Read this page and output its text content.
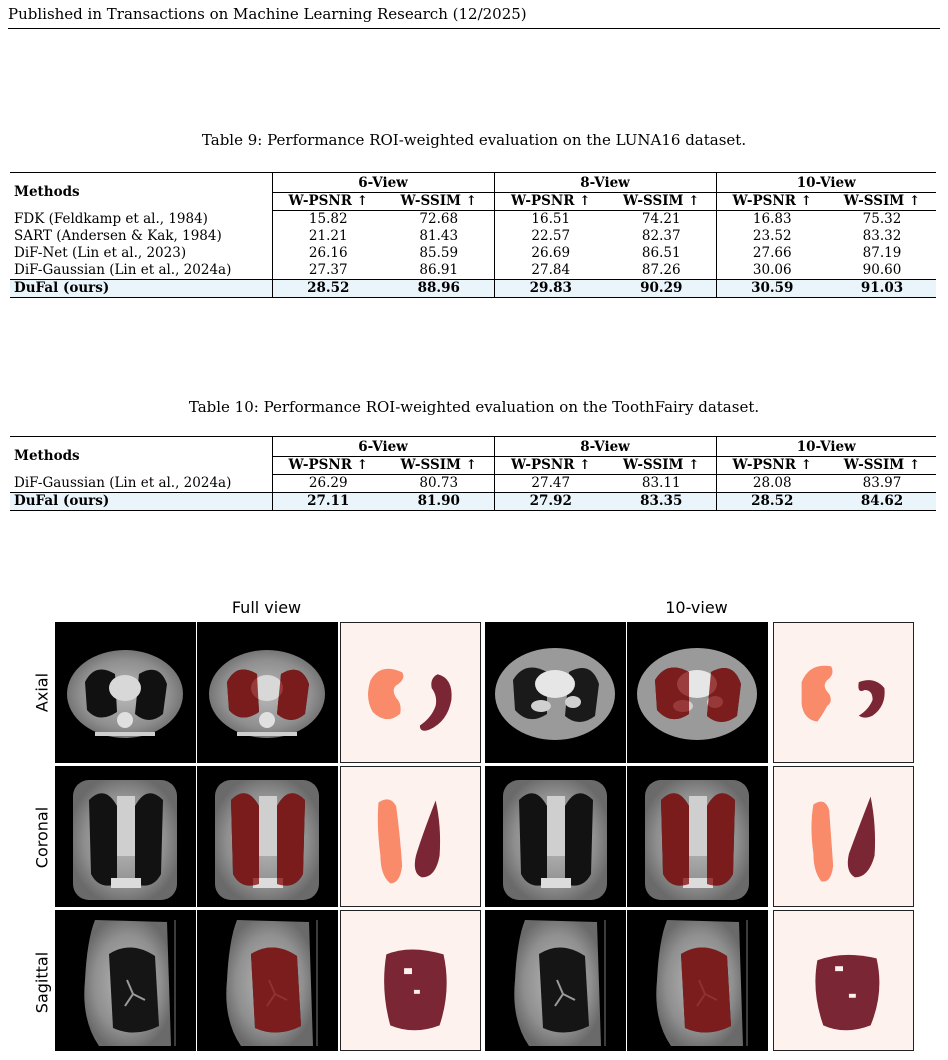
Published in Transactions on Machine Learning Research (12/2025)
Table 9: Performance ROI-weighted evaluation on the LUNA16 dataset.
Methods	6-View		8-View		10-View	
	W-PSNR ↑	W-SSIM ↑	W-PSNR ↑	W-SSIM ↑	W-PSNR ↑	W-SSIM ↑
FDK (Feldkamp et al., 1984)	15.82	72.68	16.51	74.21	16.83	75.32
SART (Andersen & Kak, 1984)	21.21	81.43	22.57	82.37	23.52	83.32
DiF-Net (Lin et al., 2023)	26.16	85.59	26.69	86.51	27.66	87.19
DiF-Gaussian (Lin et al., 2024a)	27.37	86.91	27.84	87.26	30.06	90.60
DuFal (ours)	28.52	88.96	29.83	90.29	30.59	91.03
Table 10: Performance ROI-weighted evaluation on the ToothFairy dataset.
Methods	6-View		8-View		10-View	
	W-PSNR ↑	W-SSIM ↑	W-PSNR ↑	W-SSIM ↑	W-PSNR ↑	W-SSIM ↑
DiF-Gaussian (Lin et al., 2024a)	26.29	80.73	27.47	83.11	28.08	83.97
DuFal (ours)	27.11	81.90	27.92	83.35	28.52	84.62
Full view	10-view
Axial
Coronal
Sagittal
